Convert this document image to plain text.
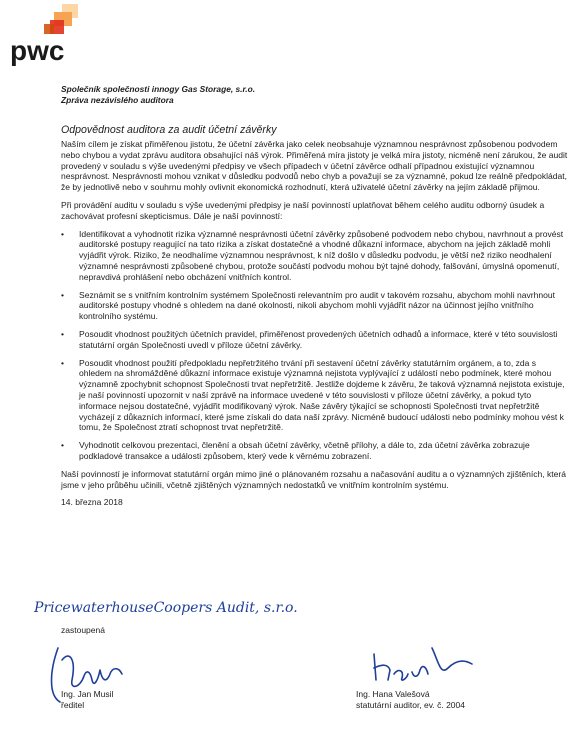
pwc
Společník společnosti innogy Gas Storage, s.r.o.
Zpráva nezávislého auditora
Odpovědnost auditora za audit účetní závěrky

Naším cílem je získat přiměřenou jistotu, že účetní závěrka jako celek neobsahuje významnou nesprávnost způsobenou podvodem nebo chybou a vydat zprávu auditora obsahující náš výrok. Přiměřená míra jistoty je velká míra jistoty, nicméně není zárukou, že audit provedený v souladu s výše uvedenými předpisy ve všech případech v účetní závěrce odhalí případnou existující významnou nesprávnost. Nesprávnosti mohou vznikat v důsledku podvodů nebo chyb a považují se za významné, pokud lze reálně předpokládat, že by jednotlivě nebo v souhrnu mohly ovlivnit ekonomická rozhodnutí, která uživatelé účetní závěrky na jejím základě přijmou.

Při provádění auditu v souladu s výše uvedenými předpisy je naší povinností uplatňovat během celého auditu odborný úsudek a zachovávat profesní skepticismus. Dále je naší povinností:

• Identifikovat a vyhodnotit rizika významné nesprávnosti účetní závěrky způsobené podvodem nebo chybou, navrhnout a provést auditorské postupy reagující na tato rizika a získat dostatečné a vhodné důkazní informace, abychom na jejich základě mohli vyjádřit výrok. Riziko, že neodhalíme významnou nesprávnost, k níž došlo v důsledku podvodu, je větší než riziko neodhalení významné nesprávnosti způsobené chybou, protože součástí podvodu mohou být tajné dohody, falšování, úmyslná opomenutí, nepravdivá prohlášení nebo obcházení vnitřních kontrol.
• Seznámit se s vnitřním kontrolním systémem Společnosti relevantním pro audit v takovém rozsahu, abychom mohli navrhnout auditorské postupy vhodné s ohledem na dané okolnosti, nikoli abychom mohli vyjádřit názor na účinnost jejího vnitřního kontrolního systému.
• Posoudit vhodnost použitých účetních pravidel, přiměřenost provedených účetních odhadů a informace, které v této souvislosti statutární orgán Společnosti uvedl v příloze účetní závěrky.
• Posoudit vhodnost použití předpokladu nepřetržitého trvání při sestavení účetní závěrky statutárním orgánem, a to, zda s ohledem na shromážděné důkazní informace existuje významná nejistota vyplývající z událostí nebo podmínek, které mohou významně zpochybnit schopnost Společnosti trvat nepřetržitě. Jestliže dojdeme k závěru, že taková významná nejistota existuje, je naší povinností upozornit v naší zprávě na informace uvedené v této souvislosti v příloze účetní závěrky, a pokud tyto informace nejsou dostatečné, vyjádřit modifikovaný výrok. Naše závěry týkající se schopnosti Společnosti trvat nepřetržitě vycházejí z důkazních informací, které jsme získali do data naší zprávy. Nicméně budoucí události nebo podmínky mohou vést k tomu, že Společnost ztratí schopnost trvat nepřetržitě.
• Vyhodnotit celkovou prezentaci, členění a obsah účetní závěrky, včetně přílohy, a dále to, zda účetní závěrka zobrazuje podkladové transakce a události způsobem, který vede k věrnému zobrazení.

Naší povinností je informovat statutární orgán mimo jiné o plánovaném rozsahu a načasování auditu a o významných zjištěních, která jsme v jeho průběhu učinili, včetně zjištěných významných nedostatků ve vnitřním kontrolním systému.

14. března 2018
PricewaterhouseCoopers Audit, s.r.o.
zastoupená
Ing. Jan Musil
ředitel
Ing. Hana Valešová
statutární auditor, ev. č. 2004
